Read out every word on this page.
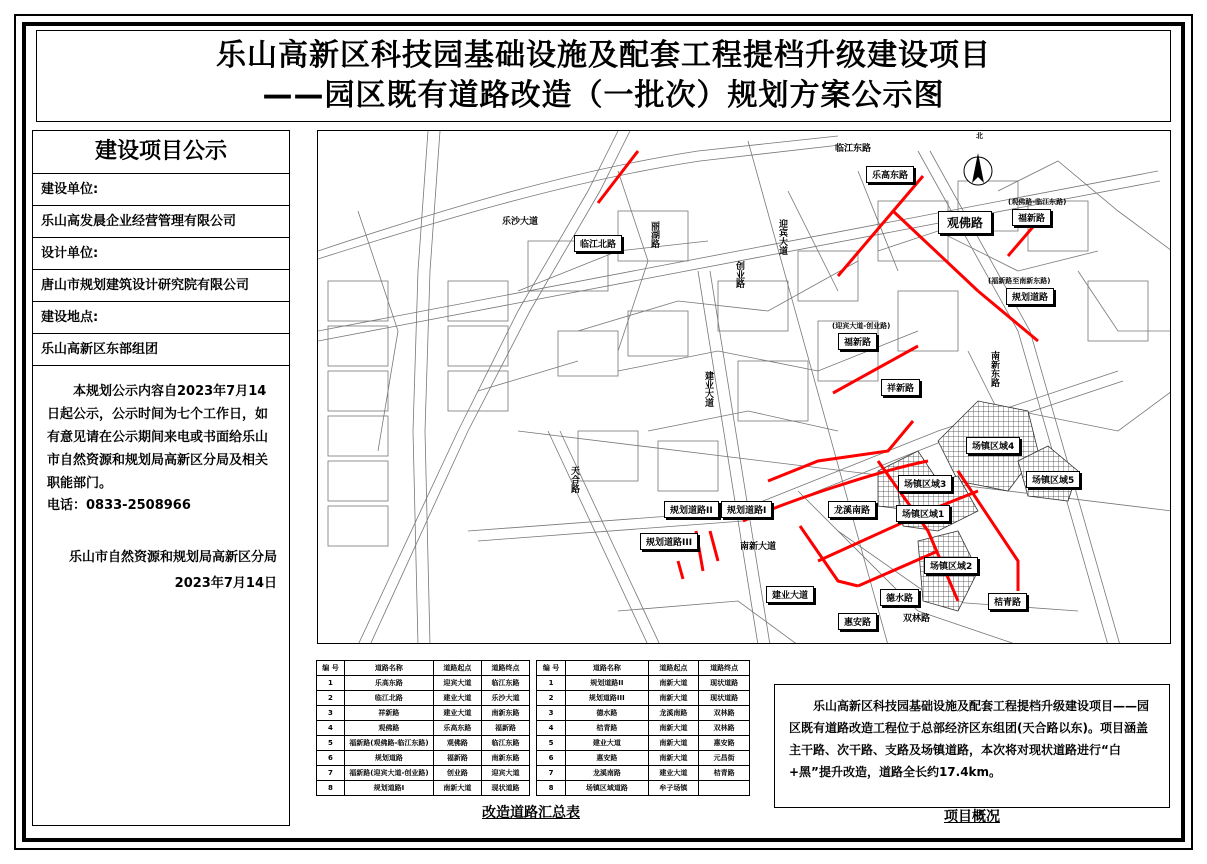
乐山高新区科技园基础设施及配套工程提档升级建设项目
——园区既有道路改造（一批次）规划方案公示图
建设项目公示
建设单位:
乐山高发晨企业经营管理有限公司
设计单位:
唐山市规划建筑设计研究院有限公司
建设地点:
乐山高新区东部组团
本规划公示内容自2023年7月14日起公示，公示时间为七个工作日，如有意见请在公示期间来电或书面给乐山市自然资源和规划局高新区分局及相关职能部门。
电话：0833-2508966
乐山市自然资源和规划局高新区分局
2023年7月14日
北
临江东路
乐沙大道	丽湖路	迎宾大道
创业路
建业大道
南新东路
天合路
南新大道
双林路
乐高东路
观佛路
(观佛路-临江东路)
福新路
(福新路至南新东路)
规划道路
(迎宾大道-创业路)
福新路
祥新路
临江北路
规划道路II	规划道路I
规划道路III
龙溪南路
建业大道
惠安路
德水路	桔青路
场镇区域1
场镇区域2
场镇区域3
场镇区域4
场镇区域5
编 号	道路名称	道路起点	道路终点
1	乐高东路	迎宾大道	临江东路
2	临江北路	建业大道	乐沙大道
3	祥新路	建业大道	南新东路
4	观佛路	乐高东路	福新路
5	福新路(观佛路-临江东路)	观佛路	临江东路
6	规划道路	福新路	南新东路
7	福新路(迎宾大道-创业路)	创业路	迎宾大道
8	规划道路I	南新大道	现状道路
编 号	道路名称	道路起点	道路终点
1	规划道路II	南新大道	现状道路
2	规划道路III	南新大道	现状道路
3	德水路	龙溪南路	双林路
4	桔青路	南新大道	双林路
5	建业大道	南新大道	惠安路
6	惠安路	南新大道	元昌街
7	龙溪南路	建业大道	桔青路
8	场镇区域道路	牟子场镇	
改造道路汇总表
乐山高新区科技园基础设施及配套工程提档升级建设项目——园区既有道路改造工程位于总部经济区东组团(天合路以东)。项目涵盖主干路、次干路、支路及场镇道路，本次将对现状道路进行“白+黑”提升改造，道路全长约17.4km。
项目概况
